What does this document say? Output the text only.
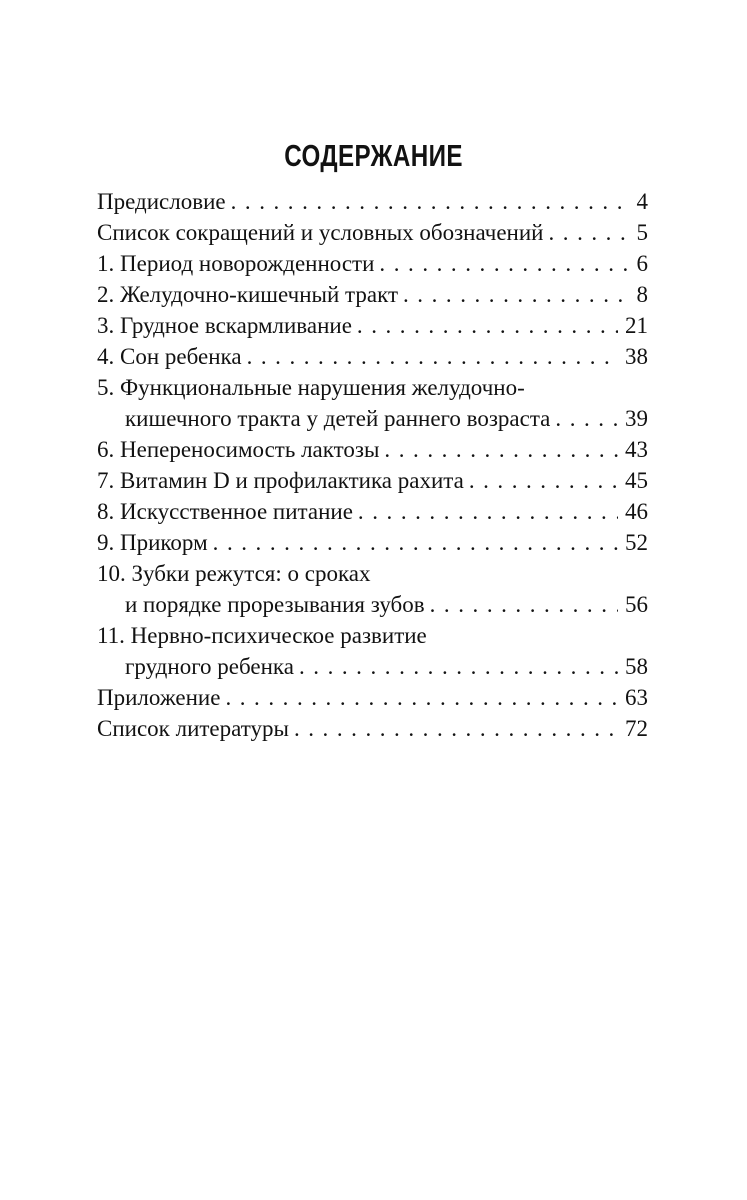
СОДЕРЖАНИЕ
Предисловие . . .	4
Список сокращений и условных обозначений . . .	5
1. Период новорожденности . . .	6
2. Желудочно-кишечный тракт . . .	8
3. Грудное вскармливание . . .	21
4. Сон ребенка . . .	38
5. Функциональные нарушения желудочно-
кишечного тракта у детей раннего возраста . . .	39
6. Непереносимость лактозы . . .	43
7. Витамин D и профилактика рахита . . .	45
8. Искусственное питание . . .	46
9. Прикорм . . .	52
10. Зубки режутся: о сроках
и порядке прорезывания зубов . . .	56
11. Нервно-психическое развитие
грудного ребенка . . .	58
Приложение . . .	63
Список литературы . . .	72
